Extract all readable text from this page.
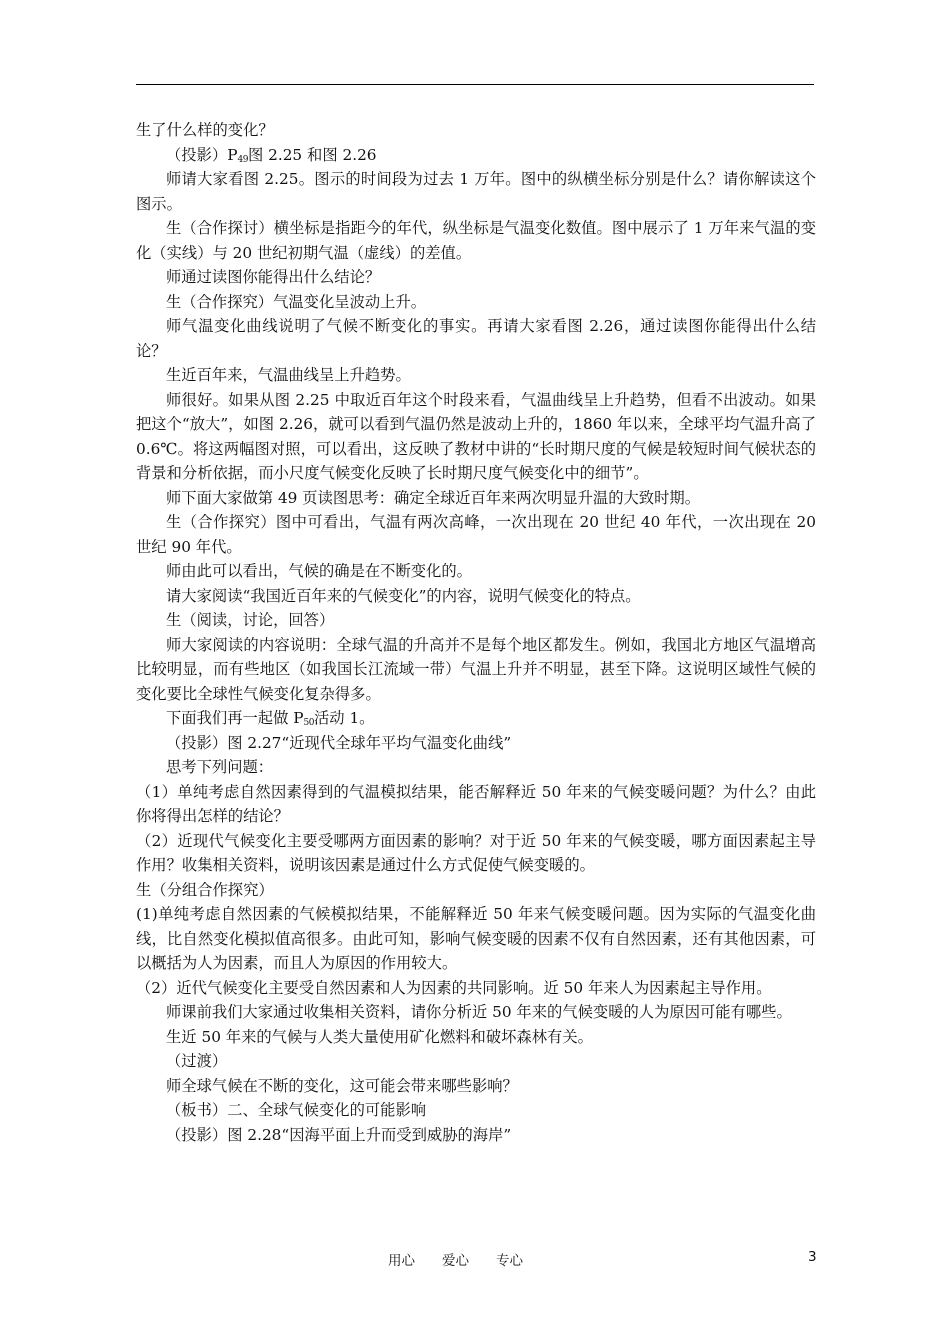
生了什么样的变化？

（投影）$P_{49}$图 2.25 和图 2.26

师请大家看图 2.25。图示的时间段为过去 1 万年。图中的纵横坐标分别是什么？请你解读这个图示。

生（合作探讨）横坐标是指距今的年代，纵坐标是气温变化数值。图中展示了 1 万年来气温的变化（实线）与 20 世纪初期气温（虚线）的差值。

师通过读图你能得出什么结论？

生（合作探究）气温变化呈波动上升。

师气温变化曲线说明了气候不断变化的事实。再请大家看图 2.26，通过读图你能得出什么结论？

生近百年来，气温曲线呈上升趋势。

师很好。如果从图 2.25 中取近百年这个时段来看，气温曲线呈上升趋势，但看不出波动。如果把这个“放大”，如图 2.26，就可以看到气温仍然是波动上升的，1860 年以来，全球平均气温升高了 0.6℃。将这两幅图对照，可以看出，这反映了教材中讲的“长时期尺度的气候是较短时间气候状态的背景和分析依据，而小尺度气候变化反映了长时期尺度气候变化中的细节”。

师下面大家做第 49 页读图思考：确定全球近百年来两次明显升温的大致时期。

生（合作探究）图中可看出，气温有两次高峰，一次出现在 20 世纪 40 年代，一次出现在 20 世纪 90 年代。

师由此可以看出，气候的确是在不断变化的。

请大家阅读“我国近百年来的气候变化”的内容，说明气候变化的特点。

生（阅读，讨论，回答）

师大家阅读的内容说明：全球气温的升高并不是每个地区都发生。例如，我国北方地区气温增高比较明显，而有些地区（如我国长江流域一带）气温上升并不明显，甚至下降。这说明区域性气候的变化要比全球性气候变化复杂得多。

下面我们再一起做 $P_{50}$活动 1。

（投影）图 2.27“近现代全球年平均气温变化曲线”

思考下列问题：

（1）单纯考虑自然因素得到的气温模拟结果，能否解释近 50 年来的气候变暖问题？为什么？由此你将得出怎样的结论？

（2）近现代气候变化主要受哪两方面因素的影响？对于近 50 年来的气候变暖，哪方面因素起主导作用？收集相关资料，说明该因素是通过什么方式促使气候变暖的。

生（分组合作探究）

(1)单纯考虑自然因素的气候模拟结果，不能解释近 50 年来气候变暖问题。因为实际的气温变化曲线，比自然变化模拟值高很多。由此可知，影响气候变暖的因素不仅有自然因素，还有其他因素，可以概括为人为因素，而且人为原因的作用较大。

（2）近代气候变化主要受自然因素和人为因素的共同影响。近 50 年来人为因素起主导作用。

师课前我们大家通过收集相关资料，请你分析近 50 年来的气候变暖的人为原因可能有哪些。

生近 50 年来的气候与人类大量使用矿化燃料和破坏森林有关。

（过渡）

师全球气候在不断的变化，这可能会带来哪些影响？

（板书）二、全球气候变化的可能影响

（投影）图 2.28“因海平面上升而受到威胁的海岸”

用心　　爱心　　专心	3
